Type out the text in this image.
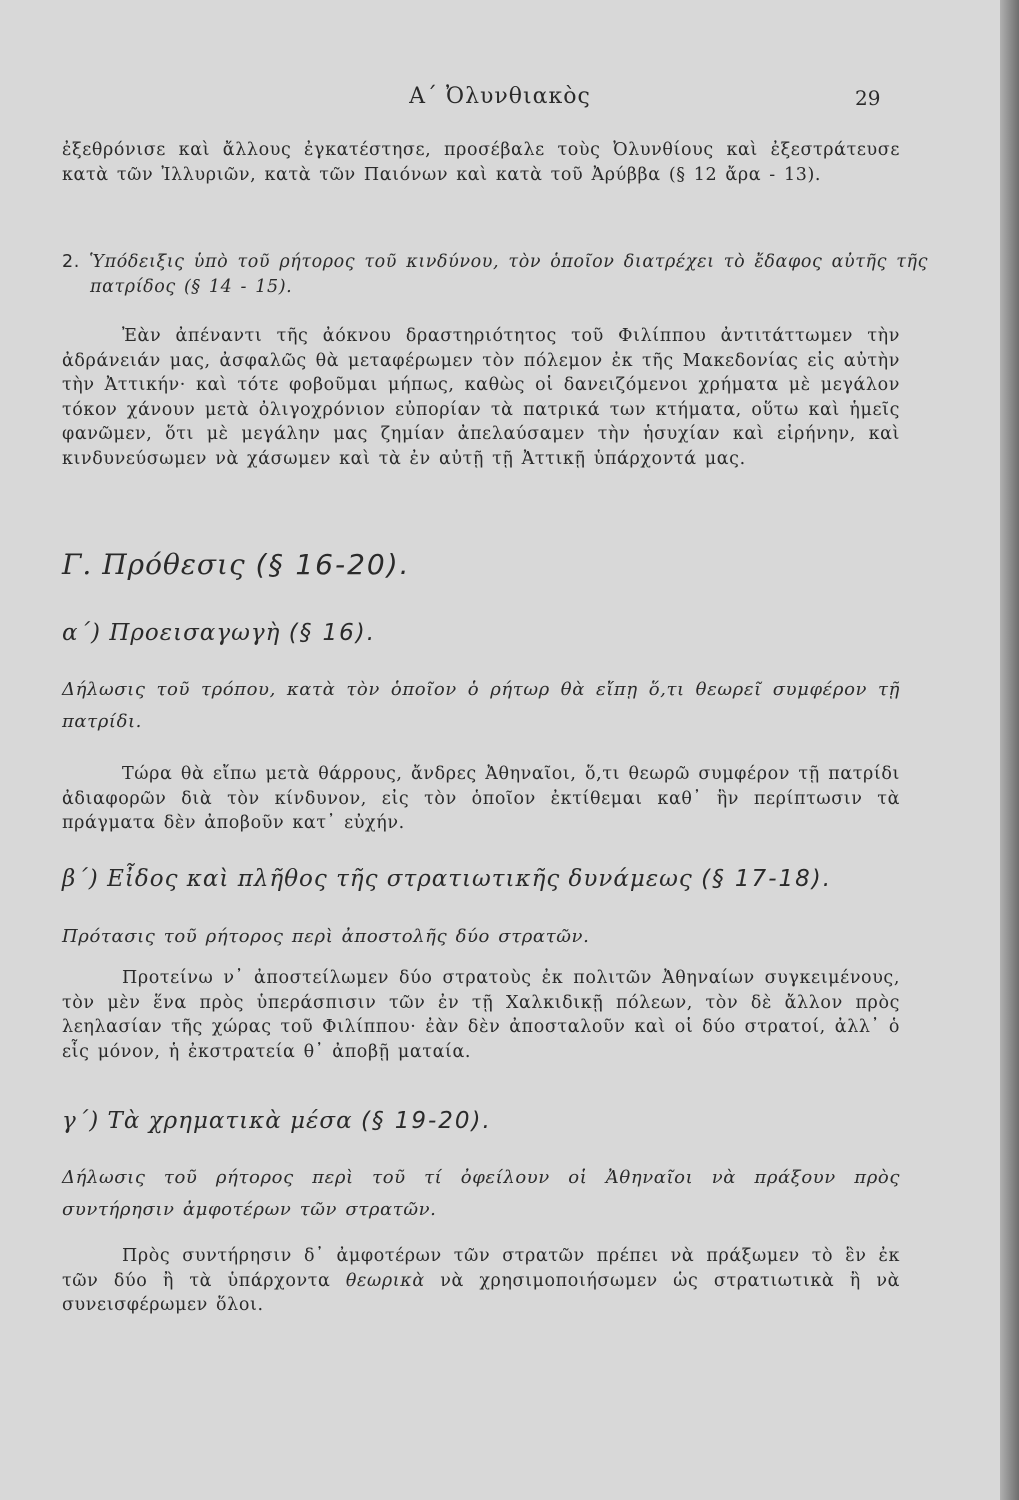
Α΄ Ὀλυνθιακὸς	29
ἐξεθρόνισε καὶ ἄλλους ἐγκατέστησε, προσέβαλε τοὺς Ὀλυνθίους καὶ ἐξεστράτευσε κατὰ τῶν Ἰλλυριῶν, κατὰ τῶν Παιόνων καὶ κατὰ τοῦ Ἀρύββα (§ 12 ἄρα - 13).
2. Ὑπόδειξις ὑπὸ τοῦ ρήτορος τοῦ κινδύνου, τὸν ὁποῖον διατρέχει τὸ ἔδαφος αὐτῆς τῆς πατρίδος (§ 14 - 15).
Ἐὰν ἀπέναντι τῆς ἀόκνου δραστηριότητος τοῦ Φιλίππου ἀντιτάττωμεν τὴν ἀδράνειάν μας, ἀσφαλῶς θὰ μεταφέρωμεν τὸν πόλεμον ἐκ τῆς Μακεδονίας εἰς αὐτὴν τὴν Ἀττικήν· καὶ τότε φοβοῦμαι μήπως, καθὼς οἱ δανειζόμενοι χρήματα μὲ μεγάλον τόκον χάνουν μετὰ ὀλιγοχρόνιον εὐπορίαν τὰ πατρικά των κτήματα, οὕτω καὶ ἡμεῖς φανῶμεν, ὅτι μὲ μεγάλην μας ζημίαν ἀπελαύσαμεν τὴν ἡσυχίαν καὶ εἰρήνην, καὶ κινδυνεύσωμεν νὰ χάσωμεν καὶ τὰ ἐν αὐτῇ τῇ Ἀττικῇ ὑπάρχοντά μας.
Γ. Πρόθεσις (§ 16-20).
α΄) Προεισαγωγὴ (§ 16).
Δήλωσις τοῦ τρόπου, κατὰ τὸν ὁποῖον ὁ ρήτωρ θὰ εἴπῃ ὅ,τι θεωρεῖ συμφέρον τῇ πατρίδι.
Τώρα θὰ εἴπω μετὰ θάρρους, ἄνδρες Ἀθηναῖοι, ὅ,τι θεωρῶ συμφέρον τῇ πατρίδι ἀδιαφορῶν διὰ τὸν κίνδυνον, εἰς τὸν ὁποῖον ἐκτίθεμαι καθ᾽ ἣν περίπτωσιν τὰ πράγματα δὲν ἀποβοῦν κατ᾽ εὐχήν.
β΄) Εἶδος καὶ πλῆθος τῆς στρατιωτικῆς δυνάμεως (§ 17-18).
Πρότασις τοῦ ρήτορος περὶ ἀποστολῆς δύο στρατῶν.
Προτείνω ν᾽ ἀποστείλωμεν δύο στρατοὺς ἐκ πολιτῶν Ἀθηναίων συγκειμένους, τὸν μὲν ἕνα πρὸς ὑπεράσπισιν τῶν ἐν τῇ Χαλκιδικῇ πόλεων, τὸν δὲ ἄλλον πρὸς λεηλασίαν τῆς χώρας τοῦ Φιλίππου· ἐὰν δὲν ἀποσταλοῦν καὶ οἱ δύο στρατοί, ἀλλ᾽ ὁ εἷς μόνον, ἡ ἐκστρατεία θ᾽ ἀποβῇ ματαία.
γ΄) Τὰ χρηματικὰ μέσα (§ 19-20).
Δήλωσις τοῦ ρήτορος περὶ τοῦ τί ὀφείλουν οἱ Ἀθηναῖοι νὰ πράξουν πρὸς συντήρησιν ἀμφοτέρων τῶν στρατῶν.
Πρὸς συντήρησιν δ᾽ ἀμφοτέρων τῶν στρατῶν πρέπει νὰ πράξωμεν τὸ ἓν ἐκ τῶν δύο ἢ τὰ ὑπάρχοντα θεωρικὰ νὰ χρησιμοποιήσωμεν ὡς στρατιωτικὰ ἢ νὰ συνεισφέρωμεν ὅλοι.
